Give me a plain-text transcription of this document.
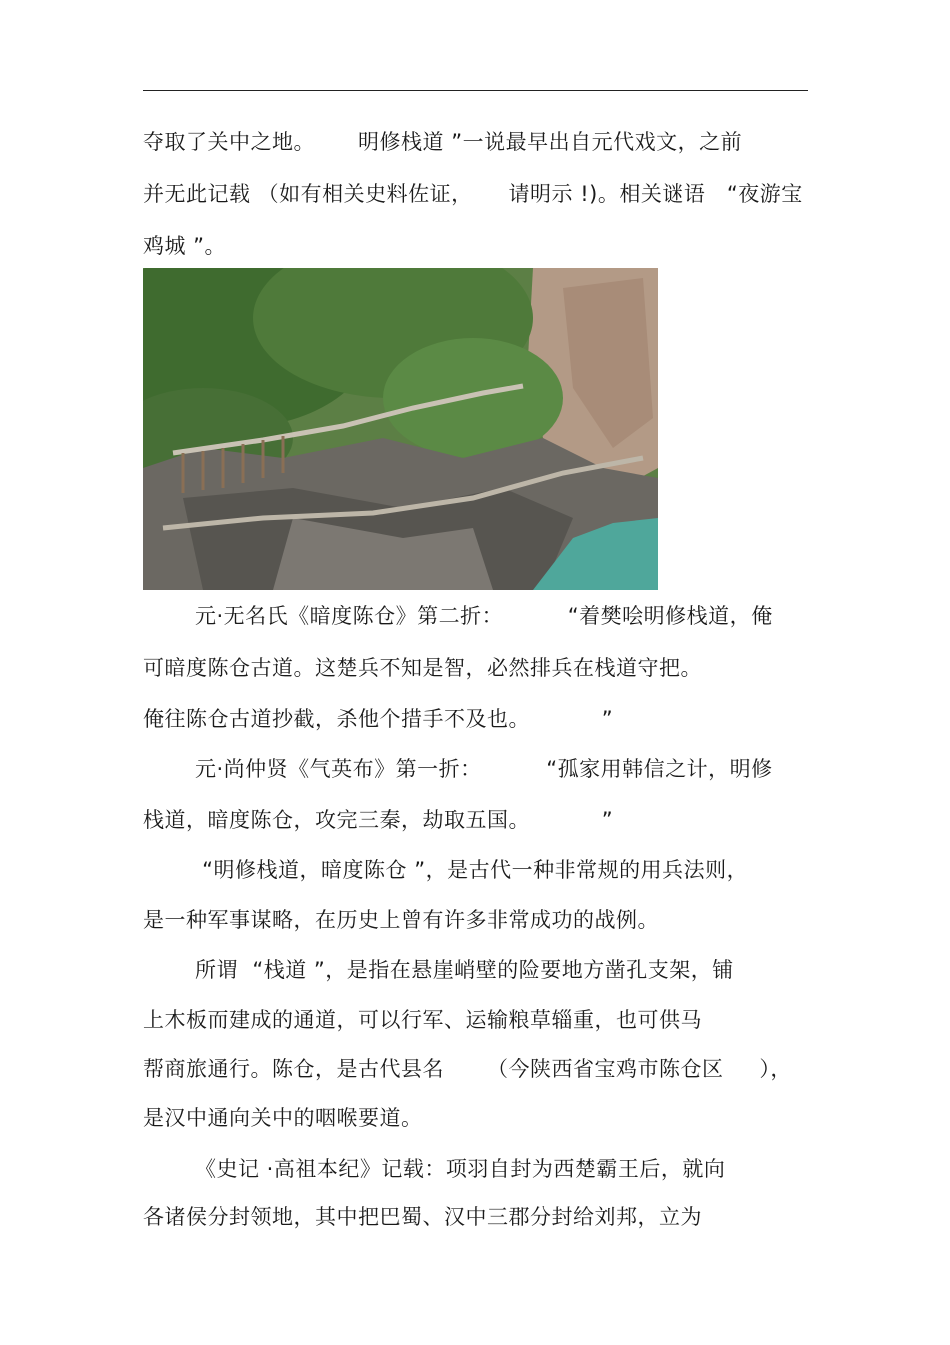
夺取了关中之地。      明修栈道 ”一说最早出自元代戏文，之前
并无此记载 （如有相关史料佐证，     请明示 !)。相关谜语   “夜游宝
鸡城 ”。
元·无名氏《暗度陈仓》第二折：         “着樊哙明修栈道，俺
可暗度陈仓古道。这楚兵不知是智，必然排兵在栈道守把。
俺往陈仓古道抄截，杀他个措手不及也。          ”
元·尚仲贤《气英布》第一折：         “孤家用韩信之计，明修
栈道，暗度陈仓，攻完三秦，劫取五国。          ”
“明修栈道，暗度陈仓 ”，是古代一种非常规的用兵法则，
是一种军事谋略，在历史上曾有许多非常成功的战例。
所谓  “栈道 ”，是指在悬崖峭壁的险要地方凿孔支架，铺
上木板而建成的通道，可以行军、运输粮草辎重，也可供马
帮商旅通行。陈仓，是古代县名      （今陕西省宝鸡市陈仓区     ），
是汉中通向关中的咽喉要道。
《史记 ·高祖本纪》记载：项羽自封为西楚霸王后，就向
各诸侯分封领地，其中把巴蜀、汉中三郡分封给刘邦，立为
